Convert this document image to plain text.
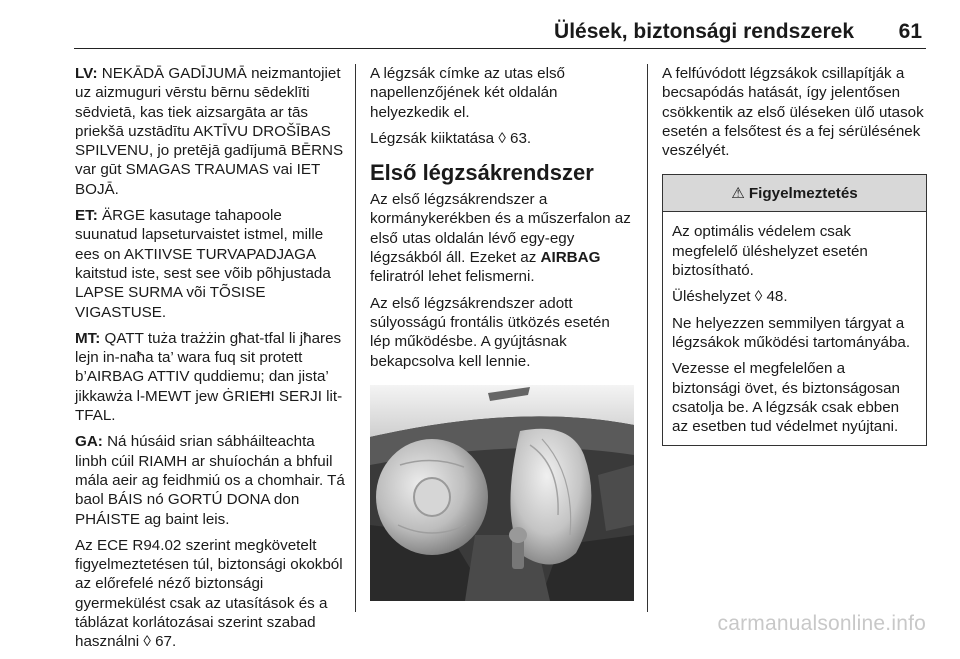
Ülések, biztonsági rendszerek 61

LV: NEKĀDĀ GADĪJUMĀ neizmantojiet uz aizmuguri vērstu bērnu sēdeklīti sēdvietā, kas tiek aizsargāta ar tās priekšā uzstādītu AKTĪVU DROŠĪBAS SPILVENU, jo pretējā gadījumā BĒRNS var gūt SMAGAS TRAUMAS vai IET BOJĀ.

ET: ÄRGE kasutage tahapoole suunatud lapseturvaistet istmel, mille ees on AKTIIVSE TURVAPADJAGA kaitstud iste, sest see võib põhjustada LAPSE SURMA või TÕSISE VIGASTUSE.

MT: QATT tuża trażżin għat-tfal li jħares lejn in-naħa ta’ wara fuq sit protett b’AIRBAG ATTIV quddiemu; dan jista’ jikkawża l-MEWT jew ĠRIEĦI SERJI lit-TFAL.

GA: Ná húsáid srian sábháilteachta linbh cúil RIAMH ar shuíochán a bhfuil mála aeir ag feidhmiú os a chomhair. Tá baol BÁIS nó GORTÚ DONA don PHÁISTE ag baint leis.

Az ECE R94.02 szerint megkövetelt figyelmeztetésen túl, biztonsági okokból az előrefelé néző biztonsági gyermekülést csak az utasítások és a táblázat korlátozásai szerint szabad használni ◊ 67.

A légzsák címke az utas első napellenzőjének két oldalán helyezkedik el.

Légzsák kiiktatása ◊ 63.

Első légzsákrendszer

Az első légzsákrendszer a kormánykerékben és a műszerfalon az első utas oldalán lévő egy-egy légzsákból áll. Ezeket az AIRBAG feliratról lehet felismerni.

Az első légzsákrendszer adott súlyosságú frontális ütközés esetén lép működésbe. A gyújtásnak bekapcsolva kell lennie.

A felfúvódott légzsákok csillapítják a becsapódás hatását, így jelentősen csökkentik az első üléseken ülő utasok esetén a felsőtest és a fej sérülésének veszélyét.

⚠ Figyelmeztetés

Az optimális védelem csak megfelelő üléshelyzet esetén biztosítható.

Üléshelyzet ◊ 48.

Ne helyezzen semmilyen tárgyat a légzsákok működési tartományába.

Vezesse el megfelelően a biztonsági övet, és biztonságosan csatolja be. A légzsák csak ebben az esetben tud védelmet nyújtani.

carmanualsonline.info
